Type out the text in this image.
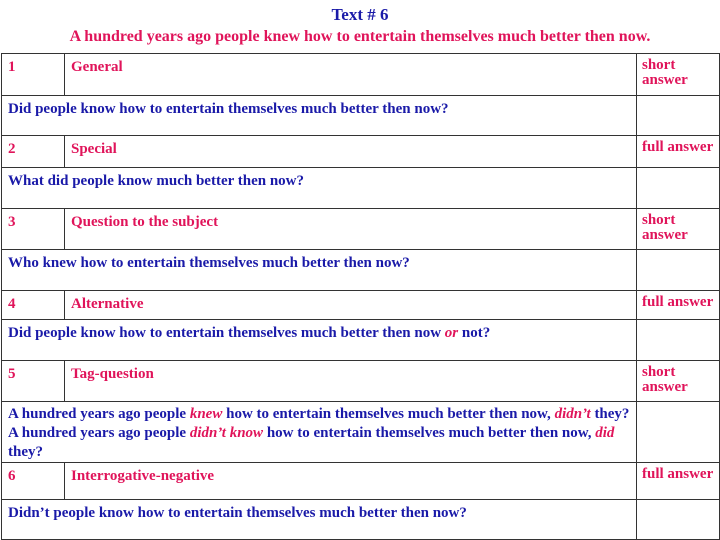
Text # 6
A hundred years ago people knew how to entertain themselves much better then now.
1	General	short answer
Did people know how to entertain themselves much better then now?		
2	Special	full answer
What did people know much better then now?		
3	Question to the subject	short answer
Who knew how to entertain themselves much better then now?		
4	Alternative	full answer
Did people know how to entertain themselves much better then now or not?		
5	Tag-question	short answer

A hundred years ago people knew how to entertain themselves much better then now, didn’t they?
A hundred years ago people didn’t know how to entertain themselves much better then now, did they?		

6	Interrogative-negative	full answer
Didn’t people know how to entertain themselves much better then now?		
